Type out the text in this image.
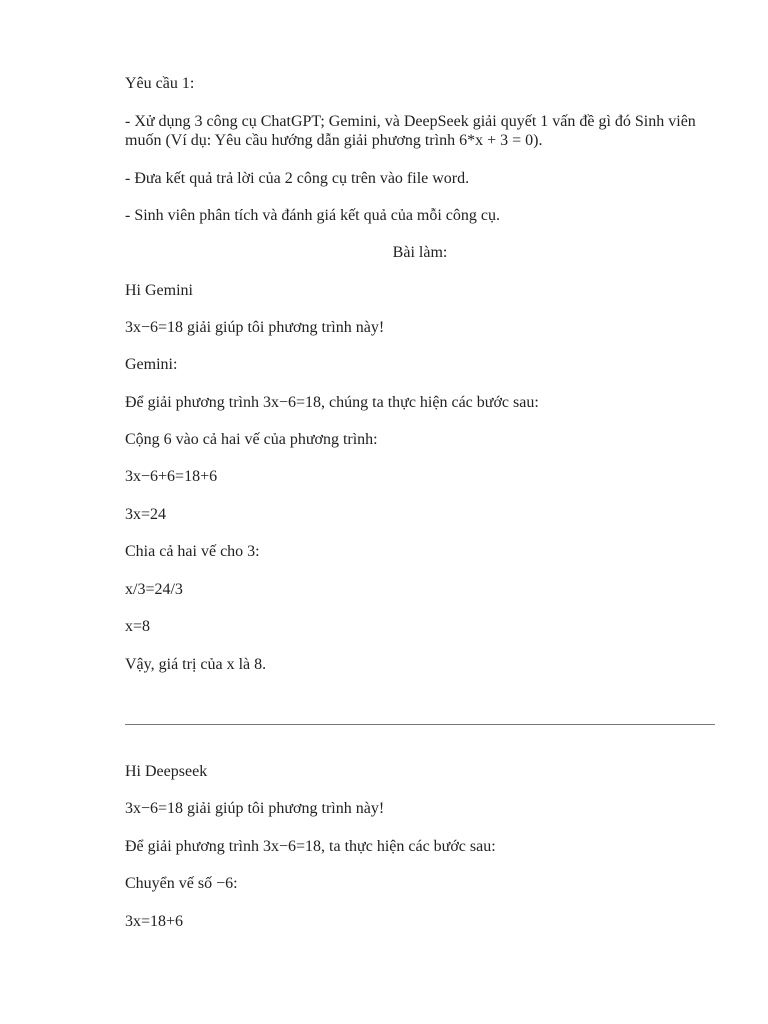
Yêu cầu 1:

- Xử dụng 3 công cụ ChatGPT; Gemini, và DeepSeek giải quyết 1 vấn đề gì đó Sinh viên muốn (Ví dụ: Yêu cầu hướng dẫn giải phương trình 6*x + 3 = 0).

- Đưa kết quả trả lời của 2 công cụ trên vào file word.

- Sinh viên phân tích và đánh giá kết quả của mỗi công cụ.

Bài làm:

Hi Gemini

3x−6=18 giải giúp tôi phương trình này!

Gemini:

Để giải phương trình 3x−6=18, chúng ta thực hiện các bước sau:

Cộng 6 vào cả hai vế của phương trình:

3x−6+6=18+6

3x=24

Chia cả hai vế cho 3:

x/3=24/3

x=8

Vậy, giá trị của x là 8.

Hi Deepseek

3x−6=18 giải giúp tôi phương trình này!

Để giải phương trình 3x−6=18, ta thực hiện các bước sau:

Chuyển vế số −6:

3x=18+6
